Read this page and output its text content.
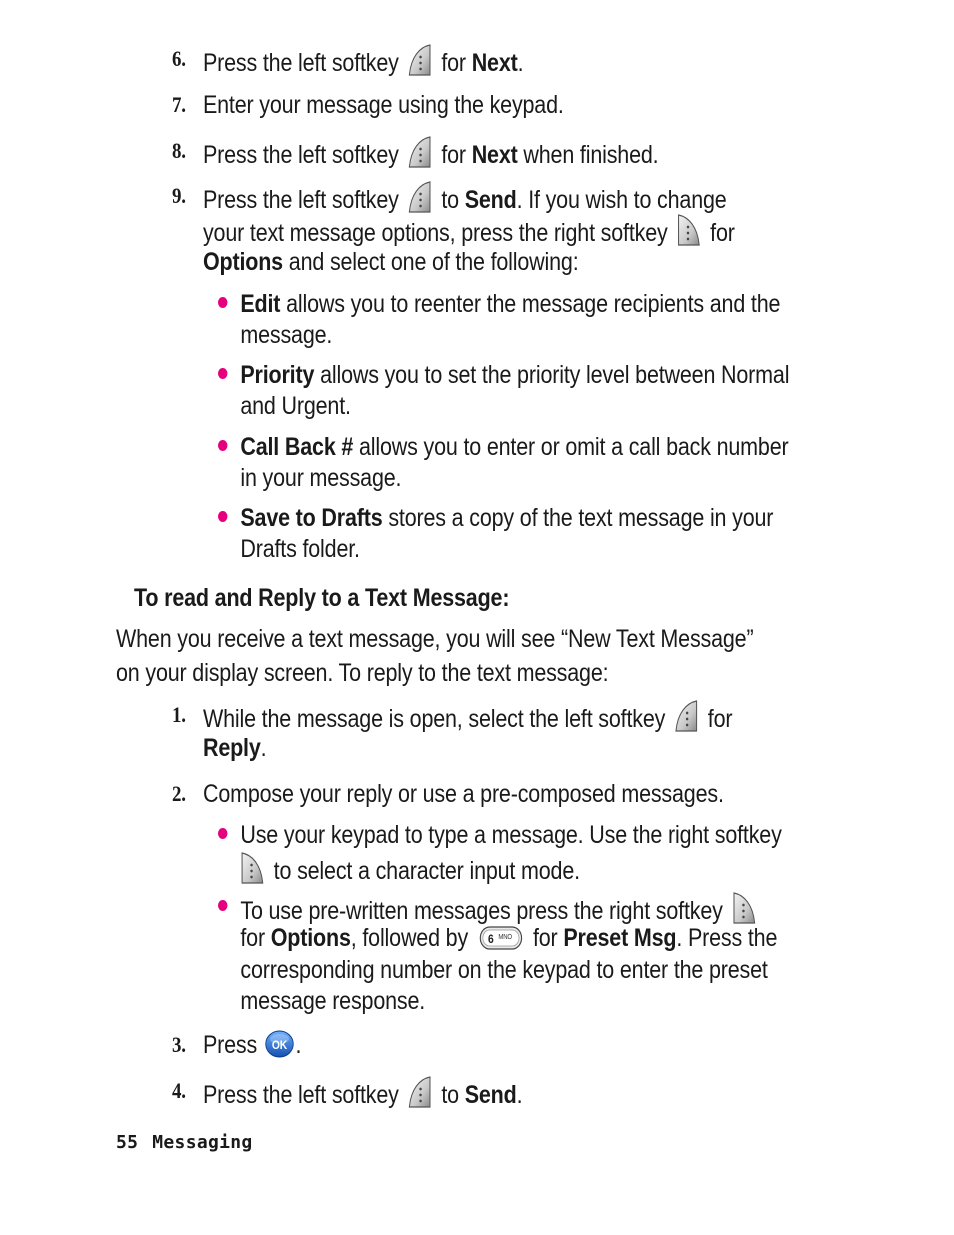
6. Press the left softkey for Next.
7. Enter your message using the keypad.
8. Press the left softkey for Next when finished.
9. Press the left softkey to Send. If you wish to change
your text message options, press the right softkey for
Options and select one of the following:
Edit allows you to reenter the message recipients and the
message.
Priority allows you to set the priority level between Normal
and Urgent.
Call Back # allows you to enter or omit a call back number
in your message.
Save to Drafts stores a copy of the text message in your
Drafts folder.
To read and Reply to a Text Message:
When you receive a text message, you will see “New Text Message”
on your display screen. To reply to the text message:
1. While the message is open, select the left softkey for
Reply.
2. Compose your reply or use a pre-composed messages.
Use your keypad to type a message. Use the right softkey
to select a character input mode.
To use pre-written messages press the right softkey
for Options, followed by 6 MNO for Preset Msg. Press the
corresponding number on the keypad to enter the preset
message response.
3. Press OK .
4. Press the left softkey to Send.
55 Messaging
